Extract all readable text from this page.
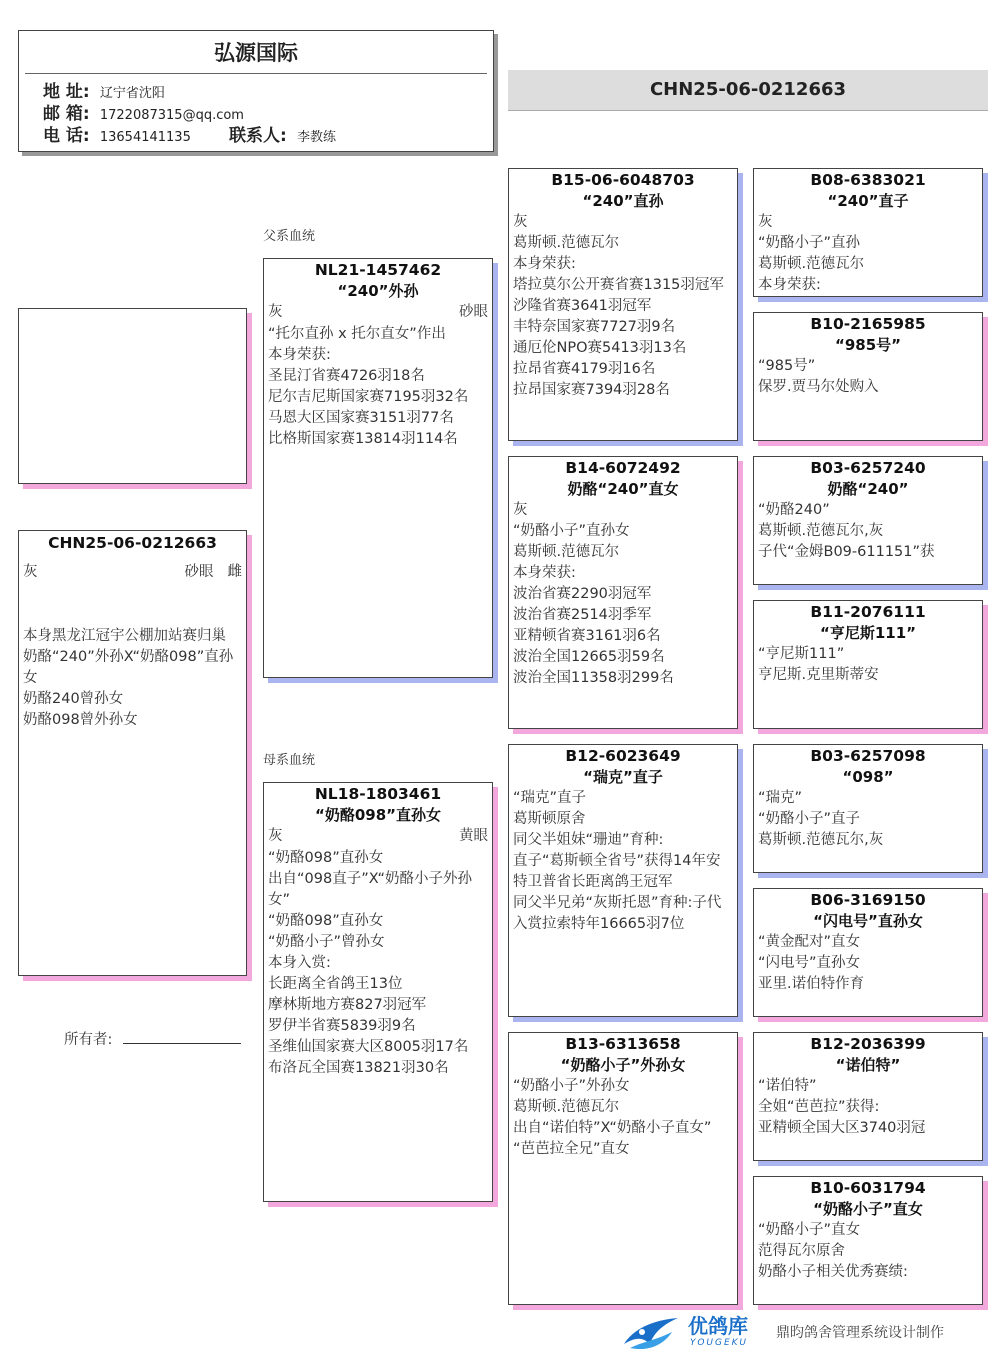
弘源国际
地 址: 辽宁省沈阳
邮 箱: 1722087315@qq.com
电 话: 13654141135 联系人: 李教练
CHN25-06-0212663
CHN25-06-0212663
灰	砂眼 雌
本身黑龙江冠宇公棚加站赛归巢
奶酪“240”外孙X“奶酪098”直孙女
奶酪240曾孙女
奶酪098曾外孙女
所有者:
父系血统
母系血统
NL21-1457462
“240”外孙
灰	砂眼
“托尔直孙 x 托尔直女”作出
本身荣获:
圣昆汀省赛4726羽18名
尼尔吉尼斯国家赛7195羽32名
马恩大区国家赛3151羽77名
比格斯国家赛13814羽114名
NL18-1803461
“奶酪098”直孙女
灰	黄眼
“奶酪098”直孙女
出自“098直子”X“奶酪小子外孙女”
“奶酪098”直孙女
“奶酪小子”曾孙女
本身入赏:
长距离全省鸽王13位
摩林斯地方赛827羽冠军
罗伊半省赛5839羽9名
圣维仙国家赛大区8005羽17名
布洛瓦全国赛13821羽30名
B15-06-6048703
“240”直孙
灰
葛斯顿.范德瓦尔
本身荣获:
塔拉莫尔公开赛省赛1315羽冠军
沙隆省赛3641羽冠军
丰特奈国家赛7727羽9名
通厄伦NPO赛5413羽13名
拉昂省赛4179羽16名
拉昂国家赛7394羽28名
B14-6072492
奶酪“240”直女
灰
“奶酪小子”直孙女
葛斯顿.范德瓦尔
本身荣获:
波治省赛2290羽冠军
波治省赛2514羽季军
亚精顿省赛3161羽6名
波治全国12665羽59名
波治全国11358羽299名
B12-6023649
“瑞克”直子
“瑞克”直子
葛斯顿原舍
同父半姐妹“珊迪”育种:
直子“葛斯顿全省号”获得14年安特卫普省长距离鸽王冠军
同父半兄弟“灰斯托恩”育种:子代入赏拉索特年16665羽7位
B13-6313658
“奶酪小子”外孙女
“奶酪小子”外孙女
葛斯顿.范德瓦尔
出自“诺伯特”X“奶酪小子直女”
“芭芭拉全兄”直女
B08-6383021
“240”直子
灰
“奶酪小子”直孙
葛斯顿.范德瓦尔
本身荣获:
B10-2165985
“985号”
“985号”
保罗.贾马尔处购入
B03-6257240
奶酪“240”
“奶酪240”
葛斯顿.范德瓦尔,灰
子代“金姆B09-611151”获
B11-2076111
“亨尼斯111”
“亨尼斯111”
亨尼斯.克里斯蒂安
B03-6257098
“098”
“瑞克”
“奶酪小子”直子
葛斯顿.范德瓦尔,灰
B06-3169150
“闪电号”直孙女
“黄金配对”直女
“闪电号”直孙女
亚里.诺伯特作育
B12-2036399
“诺伯特”
“诺伯特”
全姐“芭芭拉”获得:
亚精顿全国大区3740羽冠
B10-6031794
“奶酪小子”直女
“奶酪小子”直女
范得瓦尔原舍
奶酪小子相关优秀赛绩:
优鸽库
YOUGEKU
鼎昀鸽舍管理系统设计制作
